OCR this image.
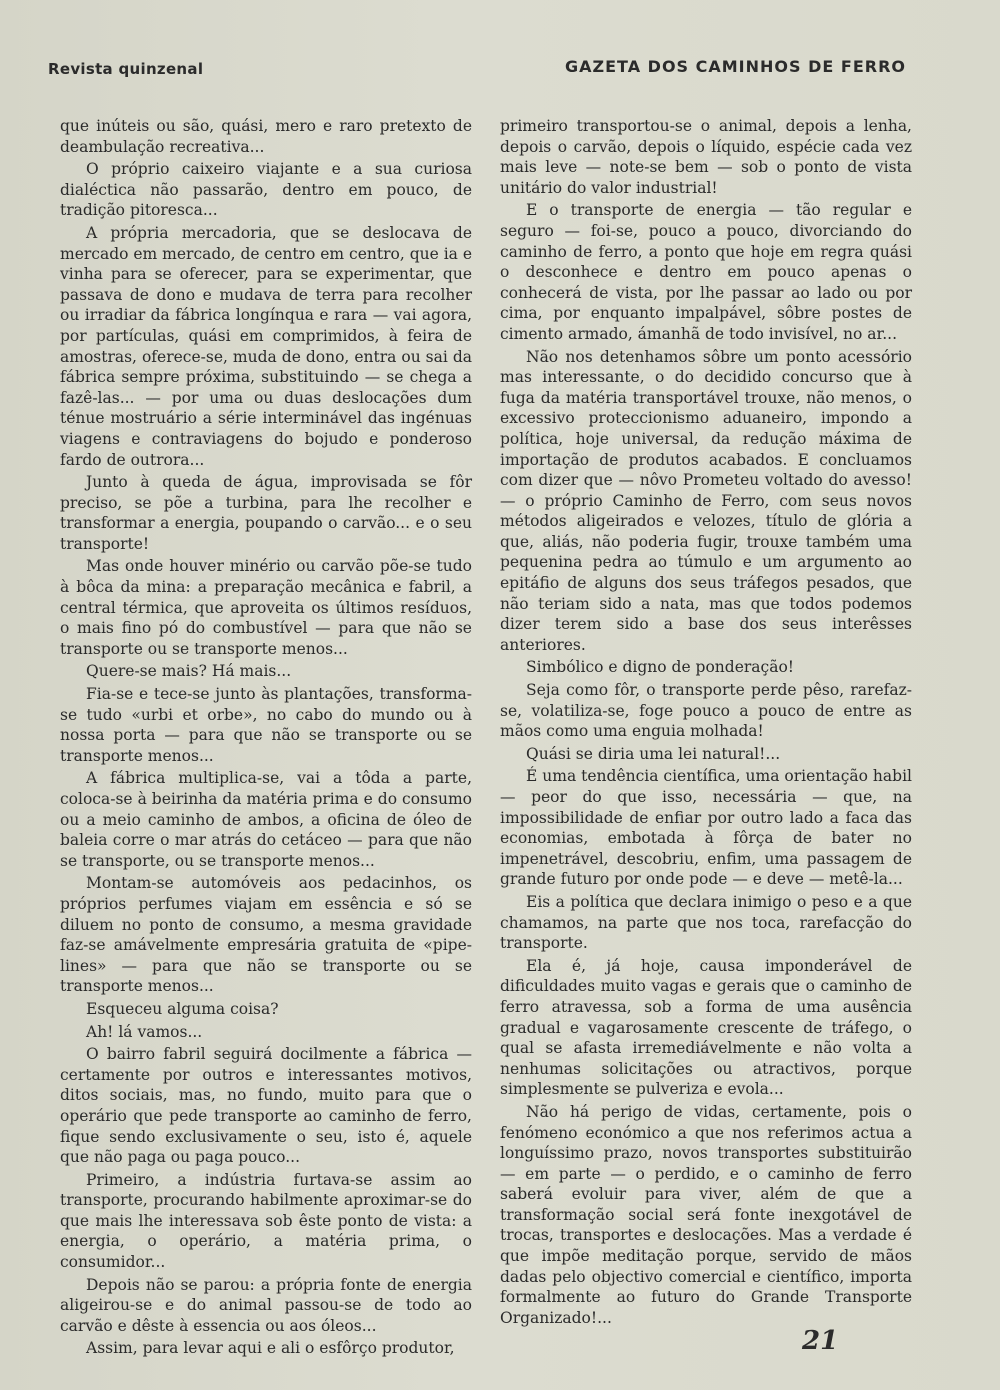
Revista quinzenal	GAZETA DOS CAMINHOS DE FERRO

que inúteis ou são, quási, mero e raro pretexto de deambulação recreativa...

O próprio caixeiro viajante e a sua curiosa dialéctica não passarão, dentro em pouco, de tradição pitoresca...

A própria mercadoria, que se deslocava de mercado em mercado, de centro em centro, que ia e vinha para se oferecer, para se experimentar, que passava de dono e mudava de terra para recolher ou irradiar da fábrica longínqua e rara — vai agora, por partículas, quási em comprimidos, à feira de amostras, oferece-se, muda de dono, entra ou sai da fábrica sempre próxima, substituindo — se chega a fazê-las... — por uma ou duas deslocações dum ténue mostruário a série interminável das ingénuas viagens e contraviagens do bojudo e ponderoso fardo de outrora...

Junto à queda de água, improvisada se fôr preciso, se põe a turbina, para lhe recolher e transformar a energia, poupando o carvão... e o seu transporte!

Mas onde houver minério ou carvão põe-se tudo à bôca da mina: a preparação mecânica e fabril, a central térmica, que aproveita os últimos resíduos, o mais fino pó do combustível — para que não se transporte ou se transporte menos...

Quere-se mais? Há mais...

Fia-se e tece-se junto às plantações, transforma-se tudo «urbi et orbe», no cabo do mundo ou à nossa porta — para que não se transporte ou se transporte menos...

A fábrica multiplica-se, vai a tôda a parte, coloca-se à beirinha da matéria prima e do consumo ou a meio caminho de ambos, a oficina de óleo de baleia corre o mar atrás do cetáceo — para que não se transporte, ou se transporte menos...

Montam-se automóveis aos pedacinhos, os próprios perfumes viajam em essência e só se diluem no ponto de consumo, a mesma gravidade faz-se amávelmente empresária gratuita de «pipe-lines» — para que não se transporte ou se transporte menos...

Esqueceu alguma coisa?

Ah! lá vamos...

O bairro fabril seguirá docilmente a fábrica — certamente por outros e interessantes motivos, ditos sociais, mas, no fundo, muito para que o operário que pede transporte ao caminho de ferro, fique sendo exclusivamente o seu, isto é, aquele que não paga ou paga pouco...

Primeiro, a indústria furtava-se assim ao transporte, procurando habilmente aproximar-se do que mais lhe interessava sob êste ponto de vista: a energia, o operário, a matéria prima, o consumidor...

Depois não se parou: a própria fonte de energia aligeirou-se e do animal passou-se de todo ao carvão e dêste à essencia ou aos óleos...

Assim, para levar aqui e ali o esfôrço produtor,

primeiro transportou-se o animal, depois a lenha, depois o carvão, depois o líquido, espécie cada vez mais leve — note-se bem — sob o ponto de vista unitário do valor industrial!

E o transporte de energia — tão regular e seguro — foi-se, pouco a pouco, divorciando do caminho de ferro, a ponto que hoje em regra quási o desconhece e dentro em pouco apenas o conhecerá de vista, por lhe passar ao lado ou por cima, por enquanto impalpável, sôbre postes de cimento armado, ámanhã de todo invisível, no ar...

Não nos detenhamos sôbre um ponto acessório mas interessante, o do decidido concurso que à fuga da matéria transportável trouxe, não menos, o excessivo proteccionismo aduaneiro, impondo a política, hoje universal, da redução máxima de importação de produtos acabados. E concluamos com dizer que — nôvo Prometeu voltado do avesso! — o próprio Caminho de Ferro, com seus novos métodos aligeirados e velozes, título de glória a que, aliás, não poderia fugir, trouxe também uma pequenina pedra ao túmulo e um argumento ao epitáfio de alguns dos seus tráfegos pesados, que não teriam sido a nata, mas que todos podemos dizer terem sido a base dos seus interêsses anteriores.

Simbólico e digno de ponderação!

Seja como fôr, o transporte perde pêso, rarefaz-se, volatiliza-se, foge pouco a pouco de entre as mãos como uma enguia molhada!

Quási se diria uma lei natural!...

É uma tendência científica, uma orientação habil — peor do que isso, necessária — que, na impossibilidade de enfiar por outro lado a faca das economias, embotada à fôrça de bater no impenetrável, descobriu, enfim, uma passagem de grande futuro por onde pode — e deve — metê-la...

Eis a política que declara inimigo o peso e a que chamamos, na parte que nos toca, rarefacção do transporte.

Ela é, já hoje, causa imponderável de dificuldades muito vagas e gerais que o caminho de ferro atravessa, sob a forma de uma ausência gradual e vagarosamente crescente de tráfego, o qual se afasta irremediávelmente e não volta a nenhumas solicitações ou atractivos, porque simplesmente se pulveriza e evola...

Não há perigo de vidas, certamente, pois o fenómeno económico a que nos referimos actua a longuíssimo prazo, novos transportes substituirão — em parte — o perdido, e o caminho de ferro saberá evoluir para viver, além de que a transformação social será fonte inexgotável de trocas, transportes e deslocações. Mas a verdade é que impõe meditação porque, servido de mãos dadas pelo objectivo comercial e científico, importa formalmente ao futuro do Grande Transporte Organizado!...

21
